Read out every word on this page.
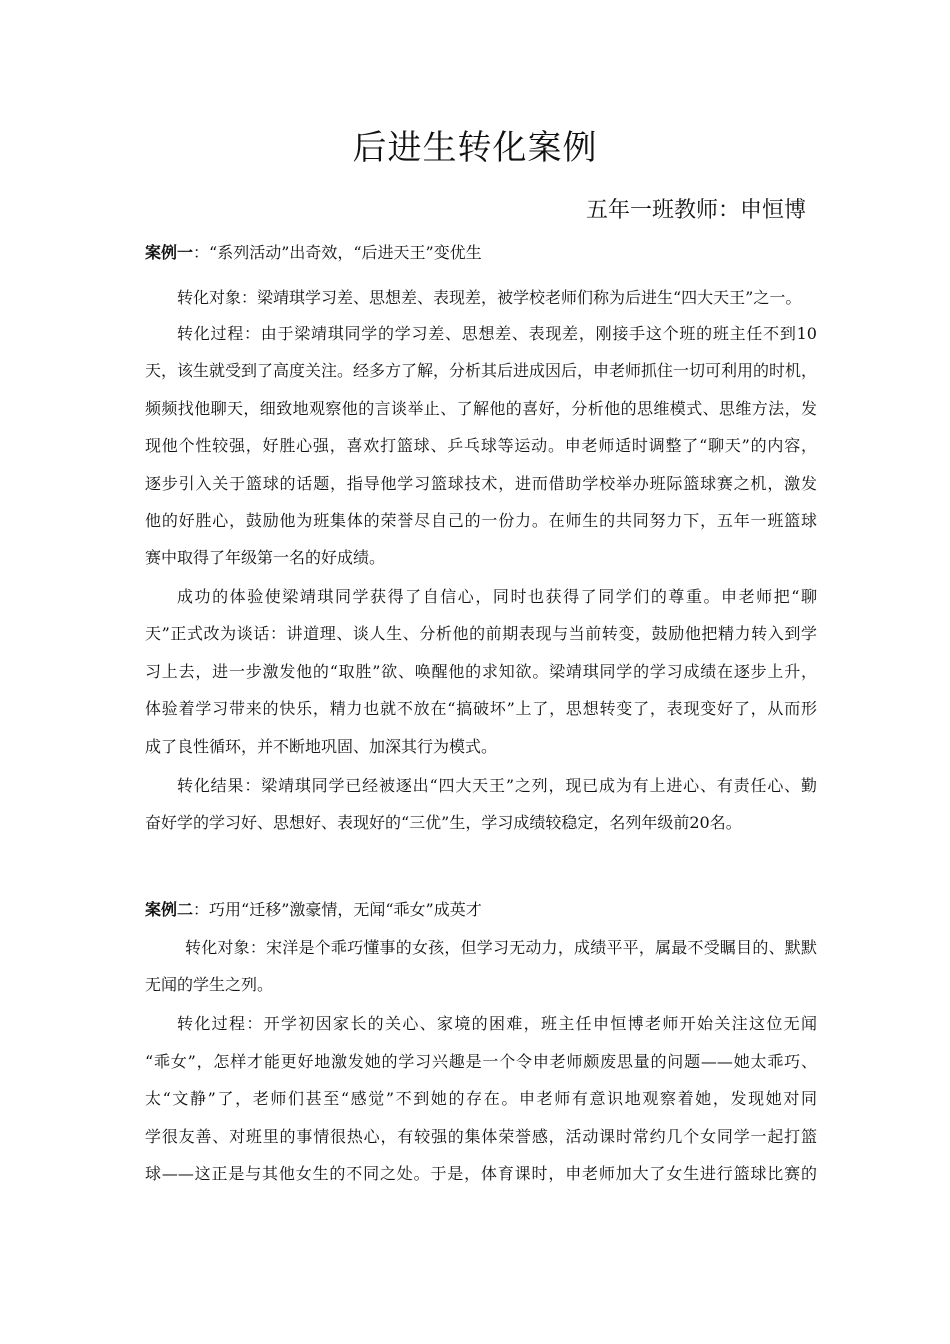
后进生转化案例
五年一班教师：申恒博
案例一：“系列活动”出奇效，“后进天王”变优生
转化对象：梁靖琪学习差、思想差、表现差，被学校老师们称为后进生“四大天王”之一。
转化过程：由于梁靖琪同学的学习差、思想差、表现差，刚接手这个班的班主任不到10
天，该生就受到了高度关注。经多方了解，分析其后进成因后，申老师抓住一切可利用的时机，
频频找他聊天，细致地观察他的言谈举止、了解他的喜好，分析他的思维模式、思维方法，发
现他个性较强，好胜心强，喜欢打篮球、乒乓球等运动。申老师适时调整了“聊天”的内容，
逐步引入关于篮球的话题，指导他学习篮球技术，进而借助学校举办班际篮球赛之机，激发
他的好胜心，鼓励他为班集体的荣誉尽自己的一份力。在师生的共同努力下，五年一班篮球
赛中取得了年级第一名的好成绩。
成功的体验使梁靖琪同学获得了自信心，同时也获得了同学们的尊重。申老师把“聊
天”正式改为谈话：讲道理、谈人生、分析他的前期表现与当前转变，鼓励他把精力转入到学
习上去，进一步激发他的“取胜”欲、唤醒他的求知欲。梁靖琪同学的学习成绩在逐步上升，
体验着学习带来的快乐，精力也就不放在“搞破坏”上了，思想转变了，表现变好了，从而形
成了良性循环，并不断地巩固、加深其行为模式。
转化结果：梁靖琪同学已经被逐出“四大天王”之列，现已成为有上进心、有责任心、勤
奋好学的学习好、思想好、表现好的“三优”生，学习成绩较稳定，名列年级前20名。
案例二：巧用“迁移”激豪情，无闻“乖女”成英才
转化对象：宋洋是个乖巧懂事的女孩，但学习无动力，成绩平平，属最不受瞩目的、默默
无闻的学生之列。
转化过程：开学初因家长的关心、家境的困难，班主任申恒博老师开始关注这位无闻
“乖女”，怎样才能更好地激发她的学习兴趣是一个令申老师颇废思量的问题——她太乖巧、
太“文静”了，老师们甚至“感觉”不到她的存在。申老师有意识地观察着她，发现她对同
学很友善、对班里的事情很热心，有较强的集体荣誉感，活动课时常约几个女同学一起打篮
球——这正是与其他女生的不同之处。于是，体育课时，申老师加大了女生进行篮球比赛的
